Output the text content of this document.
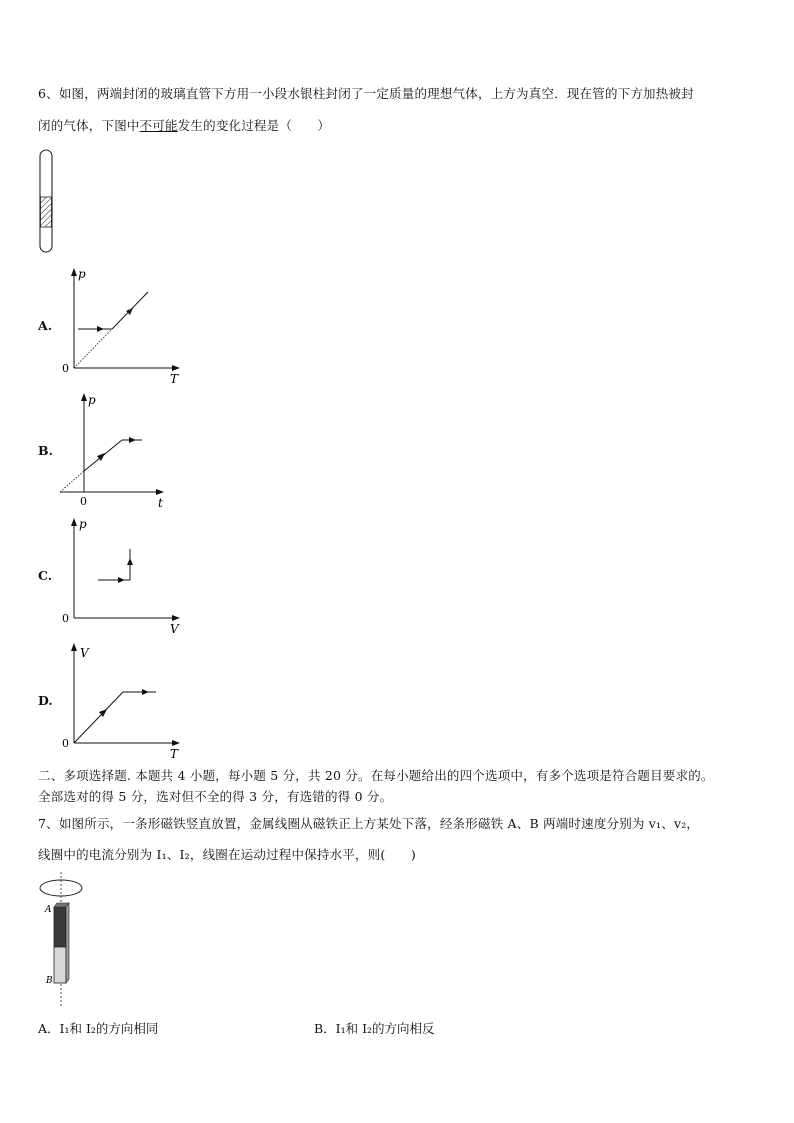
6、如图，两端封闭的玻璃直管下方用一小段水银柱封闭了一定质量的理想气体，上方为真空．现在管的下方加热被封
闭的气体，下图中不可能发生的变化过程是（　　）
A.
p
T
0
B.
p
t
0
C.
p
V
0
D.
V
T
0
二、多项选择题. 本题共 4 小题，每小题 5 分，共 20 分。在每小题给出的四个选项中，有多个选项是符合题目要求的。
全部选对的得 5 分，选对但不全的得 3 分，有选错的得 0 分。
7、如图所示，一条形磁铁竖直放置，金属线圈从磁铁正上方某处下落，经条形磁铁 A、B 两端时速度分别为 v₁、v₂，
线圈中的电流分别为 I₁、I₂，线圈在运动过程中保持水平，则(　　)
A
B
A．I₁和 I₂的方向相同	B．I₁和 I₂的方向相反
